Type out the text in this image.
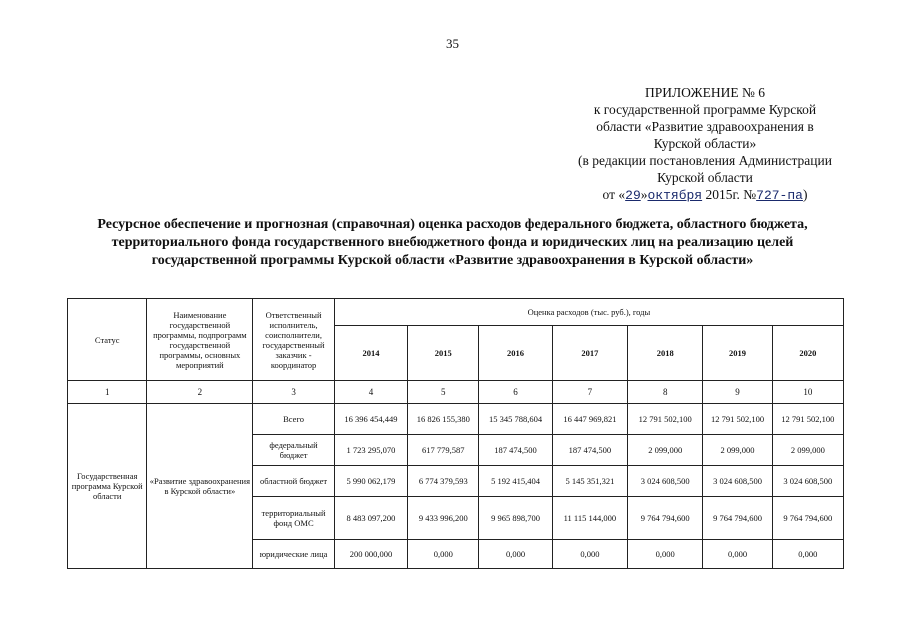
35
ПРИЛОЖЕНИЕ № 6
к государственной программе Курской
области «Развитие здравоохранения в
Курской области»
(в редакции постановления Администрации
Курской области
от «29»октября 2015г. №727-па)
Ресурсное обеспечение и прогнозная (справочная) оценка расходов федерального бюджета, областного бюджета,
территориального фонда государственного внебюджетного фонда и юридических лиц на реализацию целей
государственной программы Курской области «Развитие здравоохранения в Курской области»
Статус	Наименование государственной программы, подпрограмм государственной программы, основных мероприятий	Ответственный исполнитель, соисполнители, государственный заказчик - координатор	Оценка расходов (тыс. руб.), годы						
			2014	2015	2016	2017	2018	2019	2020
1	2	3	4	5	6	7	8	9	10
Государственная программа Курской области	«Развитие здравоохранения в Курской области»	Всего	16 396 454,449	16 826 155,380	15 345 788,604	16 447 969,821	12 791 502,100	12 791 502,100	12 791 502,100
		федеральный бюджет	1 723 295,070	617 779,587	187 474,500	187 474,500	2 099,000	2 099,000	2 099,000
		областной бюджет	5 990 062,179	6 774 379,593	5 192 415,404	5 145 351,321	3 024 608,500	3 024 608,500	3 024 608,500
		территориальный фонд ОМС	8 483 097,200	9 433 996,200	9 965 898,700	11 115 144,000	9 764 794,600	9 764 794,600	9 764 794,600
		юридические лица	200 000,000	0,000	0,000	0,000	0,000	0,000	0,000
